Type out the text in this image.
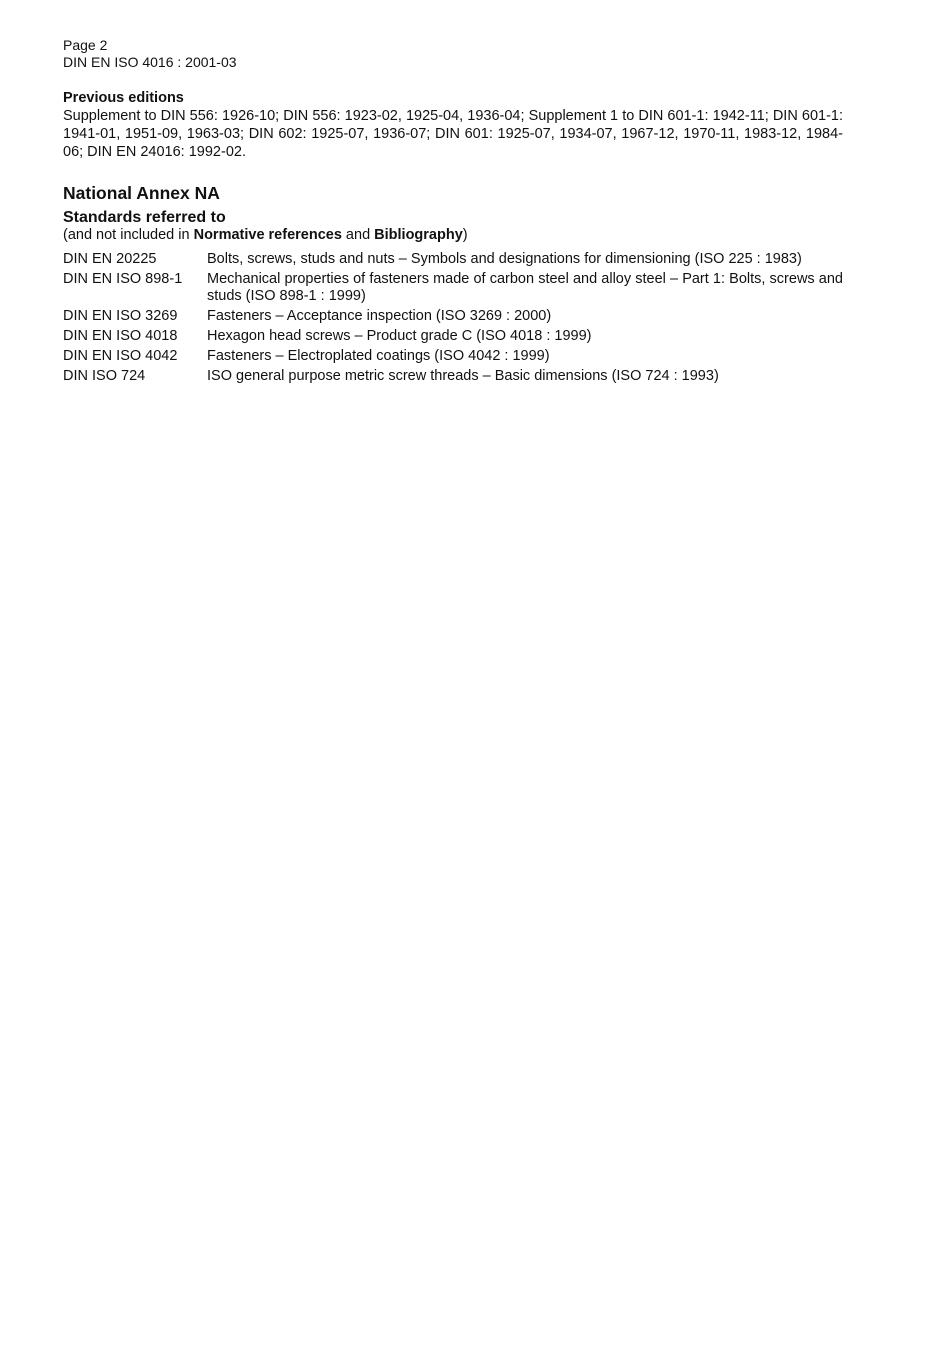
Page 2
DIN EN ISO 4016 : 2001-03
Previous editions

Supplement to DIN 556: 1926-10; DIN 556: 1923-02, 1925-04, 1936-04; Supplement 1 to DIN 601-1: 1942-11; DIN 601-1: 1941-01, 1951-09, 1963-03; DIN 602: 1925-07, 1936-07; DIN 601: 1925-07, 1934-07, 1967-12, 1970-11, 1983-12, 1984-06; DIN EN 24016: 1992-02.

National Annex NA
Standards referred to

(and not included in Normative references and Bibliography)

DIN EN 20225	Bolts, screws, studs and nuts – Symbols and designations for dimensioning (ISO 225 : 1983)
DIN EN ISO 898-1	Mechanical properties of fasteners made of carbon steel and alloy steel – Part 1: Bolts, screws and studs (ISO 898-1 : 1999)
DIN EN ISO 3269	Fasteners – Acceptance inspection (ISO 3269 : 2000)
DIN EN ISO 4018	Hexagon head screws – Product grade C (ISO 4018 : 1999)
DIN EN ISO 4042	Fasteners – Electroplated coatings (ISO 4042 : 1999)
DIN ISO 724	ISO general purpose metric screw threads – Basic dimensions (ISO 724 : 1993)
